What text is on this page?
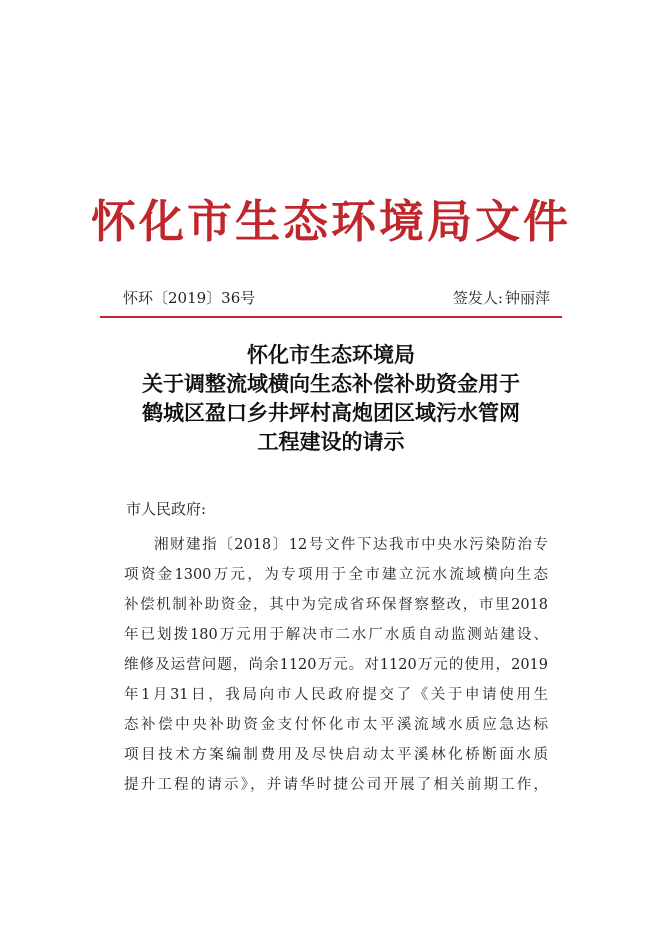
怀化市生态环境局文件
怀环〔2019〕36号	签发人: 钟丽萍
怀化市生态环境局
关于调整流域横向生态补偿补助资金用于
鹤城区盈口乡井坪村高炮团区域污水管网
工程建设的请示
市人民政府:
湘财建指〔2018〕12号文件下达我市中央水污染防治专
项资金1300万元，为专项用于全市建立沅水流域横向生态
补偿机制补助资金，其中为完成省环保督察整改，市里2018
年已划拨180万元用于解决市二水厂水质自动监测站建设、
维修及运营问题，尚余1120万元。对1120万元的使用，2019
年1月31日，我局向市人民政府提交了《关于申请使用生
态补偿中央补助资金支付怀化市太平溪流域水质应急达标
项目技术方案编制费用及尽快启动太平溪林化桥断面水质
提升工程的请示》，并请华时捷公司开展了相关前期工作，
